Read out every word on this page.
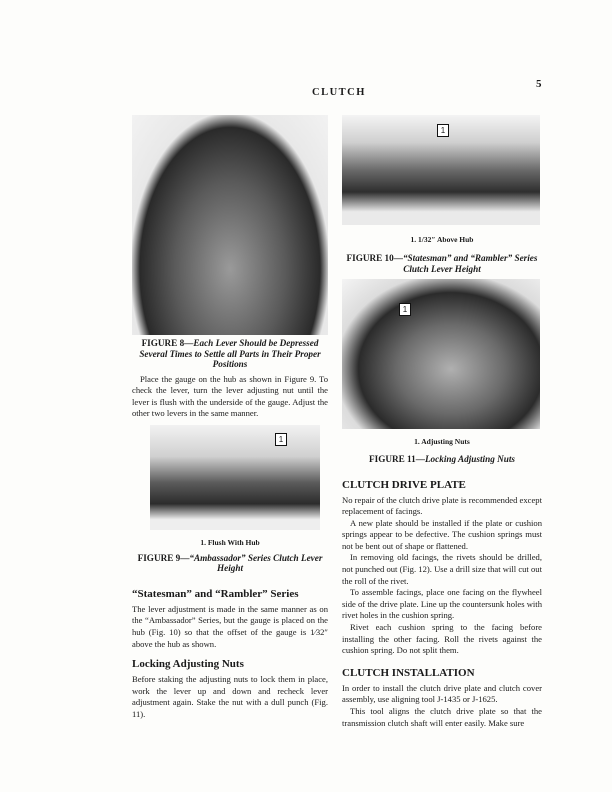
CLUTCH
5
FIGURE 8—Each Lever Should be Depressed Several Times to Settle all Parts in Their Proper Positions

Place the gauge on the hub as shown in Figure 9. To check the lever, turn the lever adjusting nut until the lever is flush with the underside of the gauge. Adjust the other two levers in the same manner.

1
1. Flush With Hub
FIGURE 9—“Ambassador” Series Clutch Lever Height
“Statesman” and “Rambler” Series

The lever adjustment is made in the same manner as on the “Ambassador” Series, but the gauge is placed on the hub (Fig. 10) so that the offset of the gauge is 1⁄32″ above the hub as shown.

Locking Adjusting Nuts

Before staking the adjusting nuts to lock them in place, work the lever up and down and recheck lever adjustment again. Stake the nut with a dull punch (Fig. 11).

1
1. 1/32″ Above Hub
FIGURE 10—“Statesman” and “Rambler” Series Clutch Lever Height
1
1. Adjusting Nuts
FIGURE 11—Locking Adjusting Nuts
CLUTCH DRIVE PLATE

No repair of the clutch drive plate is recommended except replacement of facings.

A new plate should be installed if the plate or cushion springs appear to be defective. The cushion springs must not be bent out of shape or flattened.

In removing old facings, the rivets should be drilled, not punched out (Fig. 12). Use a drill size that will cut out the roll of the rivet.

To assemble facings, place one facing on the flywheel side of the drive plate. Line up the countersunk holes with rivet holes in the cushion spring.

Rivet each cushion spring to the facing before installing the other facing. Roll the rivets against the cushion spring. Do not split them.

CLUTCH INSTALLATION

In order to install the clutch drive plate and clutch cover assembly, use aligning tool J-1435 or J-1625.

This tool aligns the clutch drive plate so that the transmission clutch shaft will enter easily. Make sure
